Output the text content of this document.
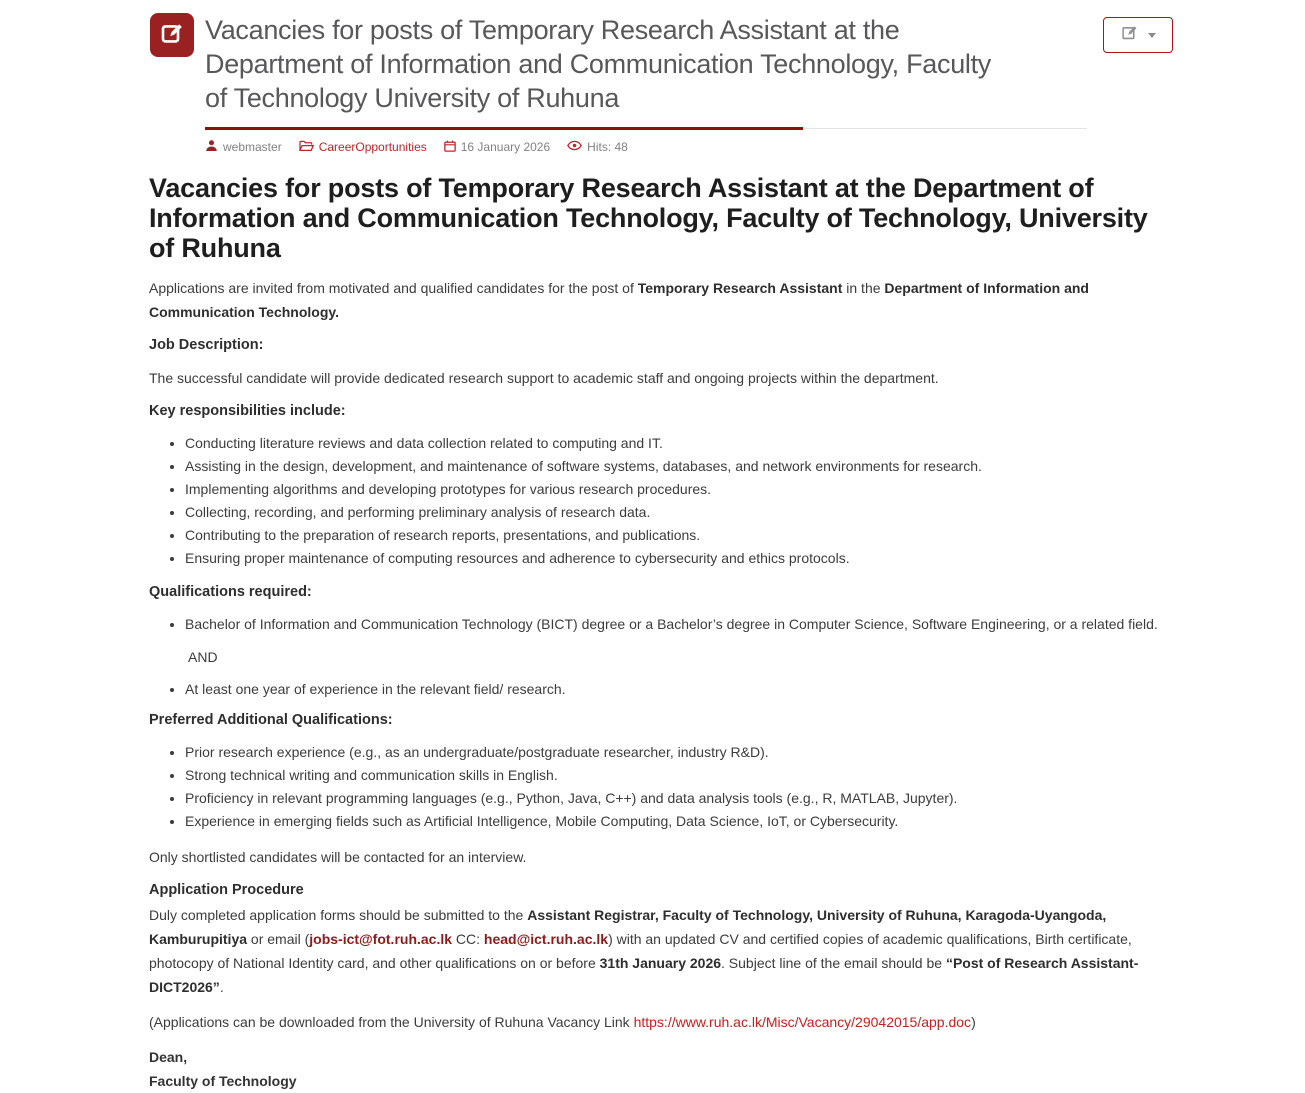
Vacancies for posts of Temporary Research Assistant at the Department of Information and Communication Technology, Faculty of Technology University of Ruhuna
webmaster	CareerOpportunities	16 January 2026	Hits: 48
Vacancies for posts of Temporary Research Assistant at the Department of Information and Communication Technology, Faculty of Technology, University of Ruhuna

Applications are invited from motivated and qualified candidates for the post of Temporary Research Assistant in the Department of Information and Communication Technology.

Job Description:

The successful candidate will provide dedicated research support to academic staff and ongoing projects within the department.

Key responsibilities include:
• Conducting literature reviews and data collection related to computing and IT.
• Assisting in the design, development, and maintenance of software systems, databases, and network environments for research.
• Implementing algorithms and developing prototypes for various research procedures.
• Collecting, recording, and performing preliminary analysis of research data.
• Contributing to the preparation of research reports, presentations, and publications.
• Ensuring proper maintenance of computing resources and adherence to cybersecurity and ethics protocols.
Qualifications required:
• Bachelor of Information and Communication Technology (BICT) degree or a Bachelor’s degree in Computer Science, Software Engineering, or a related field.

AND

• At least one year of experience in the relevant field/ research.
Preferred Additional Qualifications:
• Prior research experience (e.g., as an undergraduate/postgraduate researcher, industry R&D).
• Strong technical writing and communication skills in English.
• Proficiency in relevant programming languages (e.g., Python, Java, C++) and data analysis tools (e.g., R, MATLAB, Jupyter).
• Experience in emerging fields such as Artificial Intelligence, Mobile Computing, Data Science, IoT, or Cybersecurity.

Only shortlisted candidates will be contacted for an interview.

Application Procedure

Duly completed application forms should be submitted to the Assistant Registrar, Faculty of Technology, University of Ruhuna, Karagoda-Uyangoda, Kamburupitiya or email (jobs-ict@fot.ruh.ac.lk CC: head@ict.ruh.ac.lk) with an updated CV and certified copies of academic qualifications, Birth certificate, photocopy of National Identity card, and other qualifications on or before 31th January 2026. Subject line of the email should be “Post of Research Assistant-DICT2026”.

(Applications can be downloaded from the University of Ruhuna Vacancy Link https://www.ruh.ac.lk/Misc/Vacancy/29042015/app.doc)

Dean,

Faculty of Technology
